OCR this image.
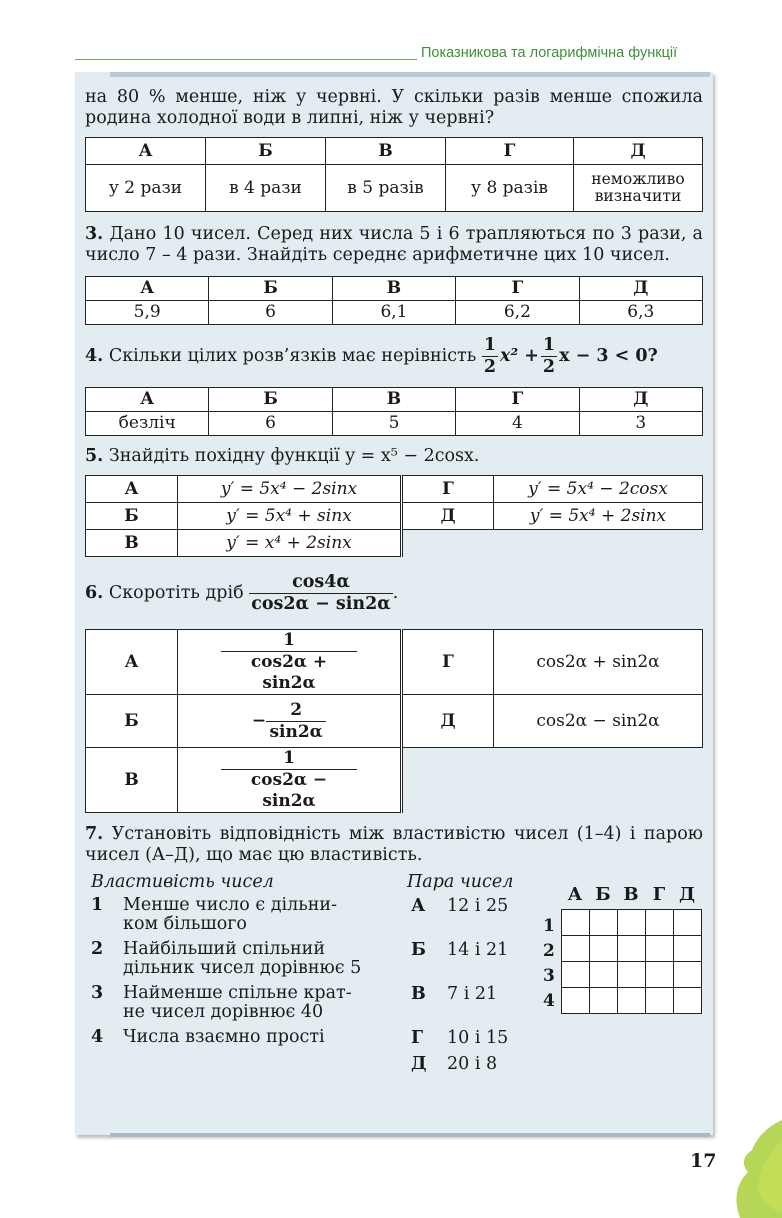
Показникова та логарифмічна функції

на 80 % менше, ніж у червні. У скільки разів менше спожила родина холодної води в липні, ніж у червні?

А	Б	В	Г	Д
у 2 рази	в 4 рази	в 5 разів	у 8 разів	неможливо визначити

3. Дано 10 чисел. Серед них числа 5 і 6 трапляються по 3 рази, а число 7 – 4 рази. Знайдіть середнє арифметичне цих 10 чисел.

А	Б	В	Г	Д
5,9	6	6,1	6,2	6,3
4.
Скільки цілих розв’язків має нерівність
$\frac{1}{2} x^2 + \frac{1}{2}$ x − 3 < 0?
А	Б	В	Г	Д
безліч	6	5	4	3

5. Знайдіть похідну функції y = x⁵ − 2cosx.

А	y′ = 5x⁴ − 2sinx	Г	y′ = 5x⁴ − 2cosx
Б	y′ = 5x⁴ + sinx	Д	y′ = 5x⁴ + 2sinx
В	y′ = x⁴ + 2sinx		
6.
Скоротіть дріб
$\frac{\cos 4\alpha}{\cos 2\alpha - \sin 2\alpha}$ .
А	$\frac{1}{\cos 2\alpha + \sin 2\alpha}$	Г	cos2α + sin2α
Б	− $\frac{2}{\sin 2\alpha}$	Д	cos2α − sin2α
В	$\frac{1}{\cos 2\alpha - \sin 2\alpha}$

7. Установіть відповідність між властивістю чисел (1–4) і парою чисел (А–Д), що має цю властивість.

Властивість чисел	Пара чисел
1	Менше число є дільни-
ком більшого
2	Найбільший спільний
дільник чисел дорівнює 5
3	Найменше спільне крат-
не чисел дорівнює 40
4	Числа взаємно прості
А 12 і 25
Б 14 і 21
В 7 і 21
Г 10 і 15
Д 20 і 8
А Б В Г Д
1
2
3
4

17
